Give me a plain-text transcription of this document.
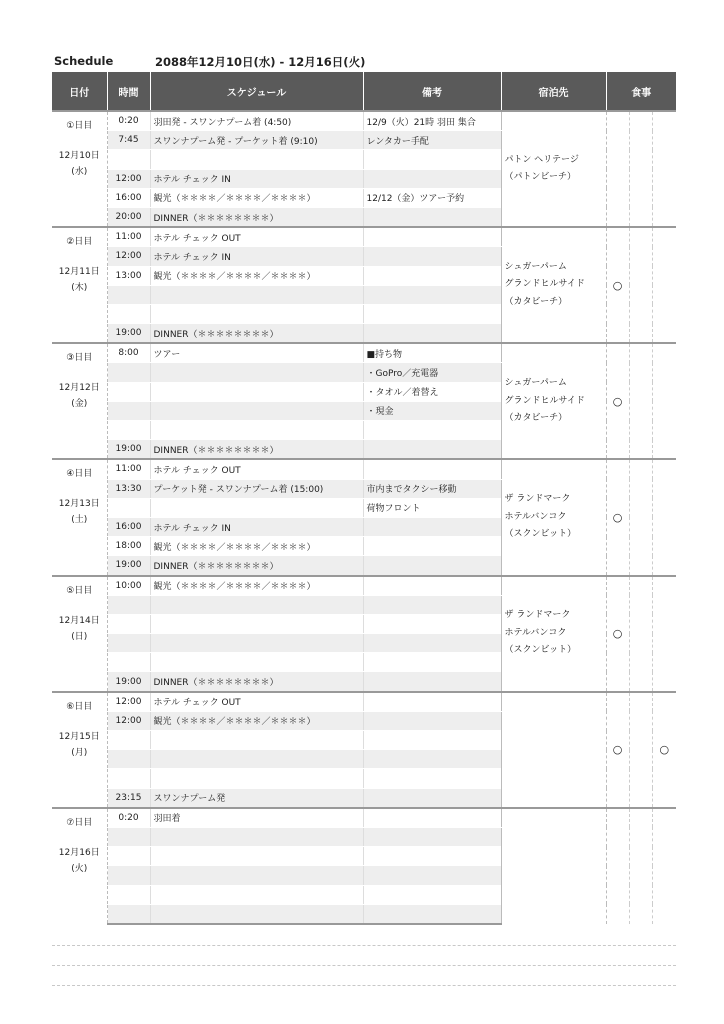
Schedule	2088年12月10日(水) - 12月16日(火)
日付	時間	スケジュール	備考	宿泊先	食事		

①日目
12月10日
(水)	0:20	羽田発 - スワンナプーム着 (4:50)	12/9（火）21時 羽田 集合	パトン ヘリテージ
（パトンビーチ）			

	7:45	スワンナプーム発 - プーケット着 (9:10)	レンタカー手配				

	12:00	ホテル チェック IN					
	16:00	観光（＊＊＊＊／＊＊＊＊／＊＊＊＊）	12/12（金）ツアー予約				
	20:00	DINNER（＊＊＊＊＊＊＊＊）					

②日目
12月11日
(木)	11:00	ホテル チェック OUT		シュガーパーム
グランドヒルサイド
（カタビーチ）	○		
	12:00	ホテル チェック IN					
	13:00	観光（＊＊＊＊／＊＊＊＊／＊＊＊＊）					

	19:00	DINNER（＊＊＊＊＊＊＊＊）					

③日目
12月12日
(金)	8:00	ツアー	■持ち物	シュガーパーム
グランドヒルサイド
（カタビーチ）	○		
			・GoPro／充電器				
			・タオル／着替え				
			・現金				

	19:00	DINNER（＊＊＊＊＊＊＊＊）					

④日目
12月13日
(土)	11:00	ホテル チェック OUT		ザ ランドマーク
ホテルバンコク
（スクンビット）	○		
	13:30	プーケット発 - スワンナプーム着 (15:00)	市内までタクシー移動				
			荷物フロント				
	16:00	ホテル チェック IN					
	18:00	観光（＊＊＊＊／＊＊＊＊／＊＊＊＊）					
	19:00	DINNER（＊＊＊＊＊＊＊＊）					

⑤日目
12月14日
(日)	10:00	観光（＊＊＊＊／＊＊＊＊／＊＊＊＊）		ザ ランドマーク
ホテルバンコク
（スクンビット）	○		

	19:00	DINNER（＊＊＊＊＊＊＊＊）					

⑥日目
12月15日
(月)	12:00	ホテル チェック OUT			○		○
	12:00	観光（＊＊＊＊／＊＊＊＊／＊＊＊＊）					

	23:15	スワンナプーム発					

⑦日目
12月16日
(火)	0:20	羽田着					
